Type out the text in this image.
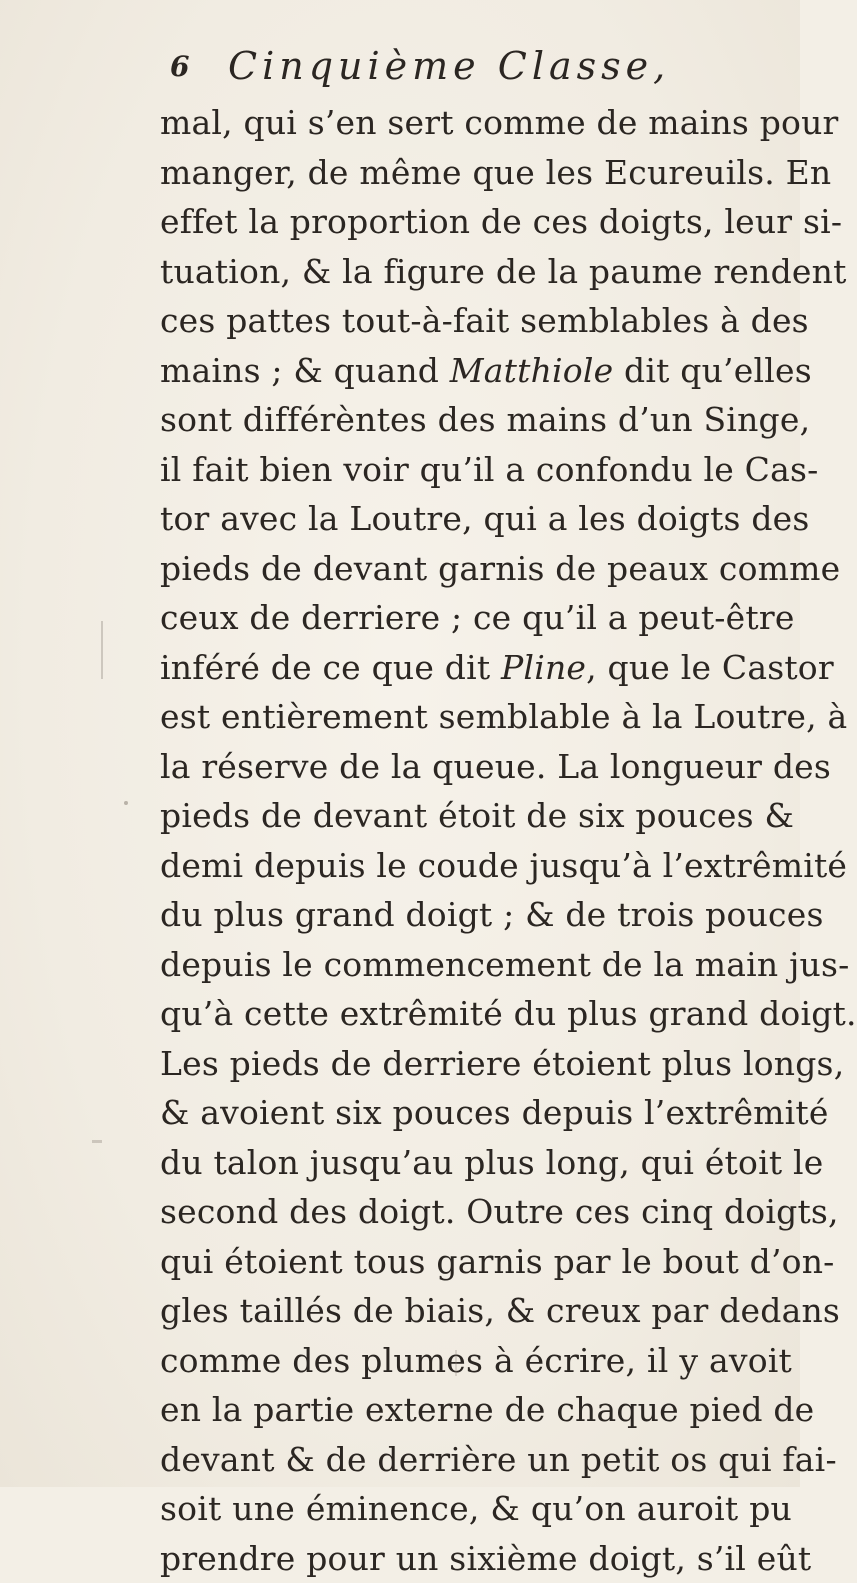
6 Cinquième Classe,
mal, qui s’en sert comme de mains pour
manger, de même que les Ecureuils. En
effet la proportion de ces doigts, leur si-
tuation, & la figure de la paume rendent
ces pattes tout-à-fait semblables à des
mains ; & quand Matthiole dit qu’elles
sont différèntes des mains d’un Singe,
il fait bien voir qu’il a confondu le Cas-
tor avec la Loutre, qui a les doigts des
pieds de devant garnis de peaux comme
ceux de derriere ; ce qu’il a peut-être
inféré de ce que dit Pline, que le Castor
est entièrement semblable à la Loutre, à
la réserve de la queue. La longueur des
pieds de devant étoit de six pouces &
demi depuis le coude jusqu’à l’extrêmité
du plus grand doigt ; & de trois pouces
depuis le commencement de la main jus-
qu’à cette extrêmité du plus grand doigt.
Les pieds de derriere étoient plus longs,
& avoient six pouces depuis l’extrêmité
du talon jusqu’au plus long, qui étoit le
second des doigt. Outre ces cinq doigts,
qui étoient tous garnis par le bout d’on-
gles taillés de biais, & creux par dedans
comme des plumes à écrire, il y avoit
en la partie externe de chaque pied de
devant & de derrière un petit os qui fai-
soit une éminence, & qu’on auroit pu
prendre pour un sixième doigt, s’il eût
